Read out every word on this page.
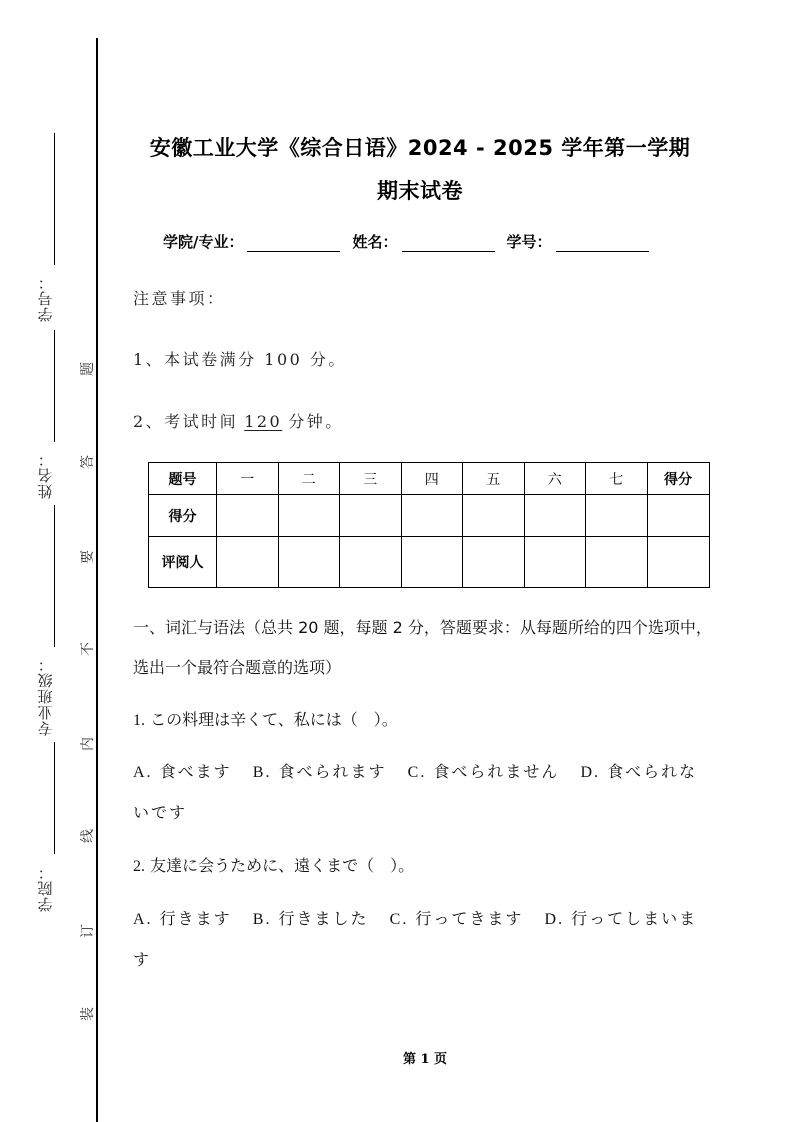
学号：
姓名：
专业班级：
学院：
题
答
要
不
内
线
订
装
安徽工业大学《综合日语》2024 - 2025 学年第一学期
期末试卷
学院/专业：	姓名：	学号：
注意事项：
1、本试卷满分 100 分。
2、考试时间 120 分钟。
题号	一	二	三	四	五	六	七	得分
得分								
评阅人								
一、词汇与语法（总共 20 题，每题 2 分，答题要求：从每题所给的四个选项中，选出一个最符合题意的选项）
1. この料理は辛くて、私には（　）。
A. 食べます B. 食べられます C. 食べられません D. 食べられないです
2. 友達に会うために、遠くまで（　）。
A. 行きます B. 行きました C. 行ってきます D. 行ってしまいます
第 1 页
